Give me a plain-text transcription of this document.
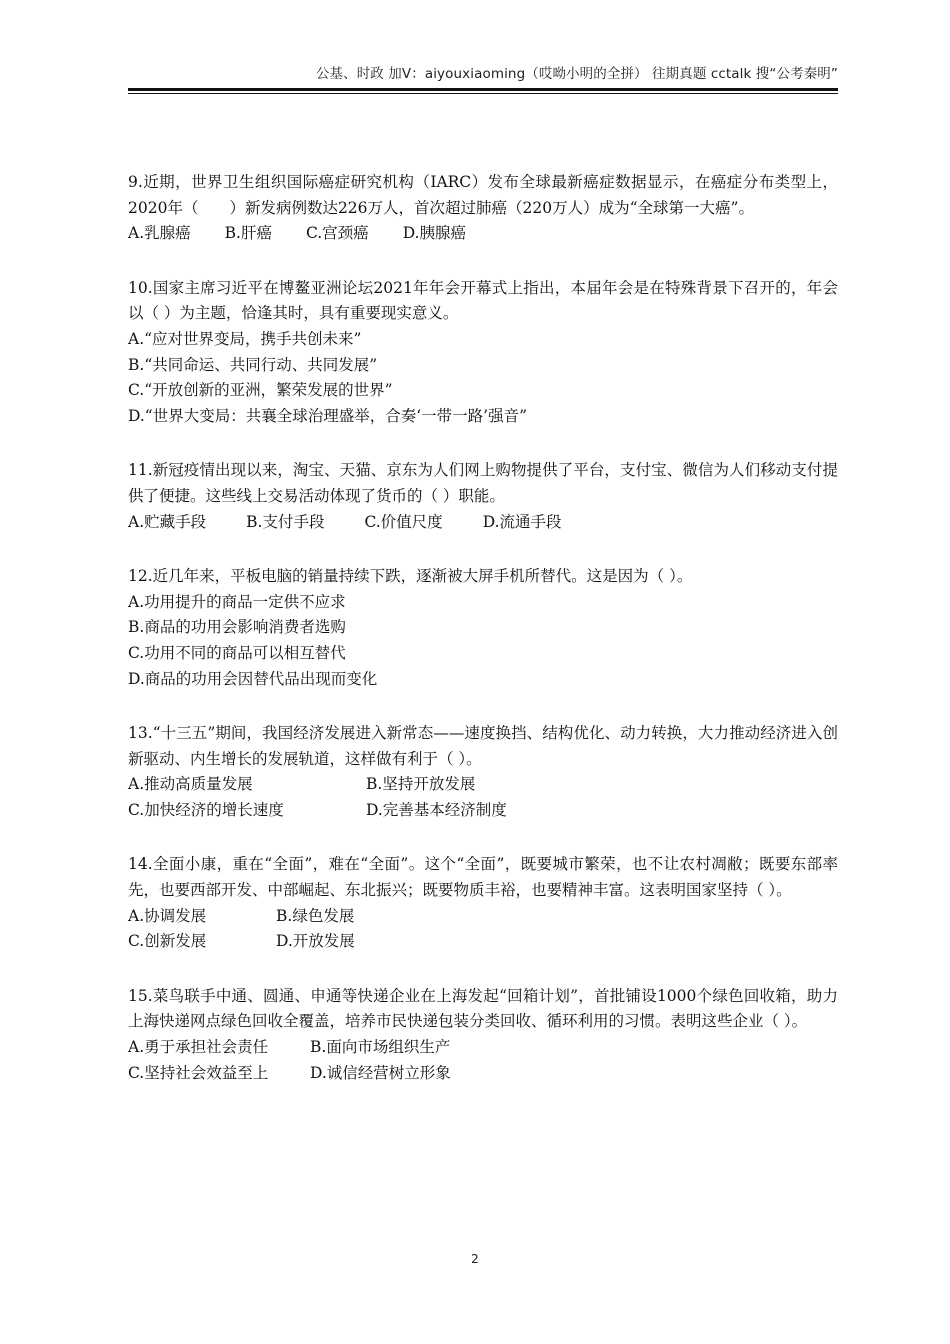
公基、时政 加V：aiyouxiaoming（哎呦小明的全拼） 往期真题 cctalk 搜“公考秦明”

9.近期，世界卫生组织国际癌症研究机构（IARC）发布全球最新癌症数据显示，在癌症分布类型上，2020年（　　）新发病例数达226万人，首次超过肺癌（220万人）成为“全球第一大癌”。

A.乳腺癌 B.肝癌 C.宫颈癌 D.胰腺癌

10.国家主席习近平在博鳌亚洲论坛2021年年会开幕式上指出，本届年会是在特殊背景下召开的，年会以（ ）为主题，恰逢其时，具有重要现实意义。

A.“应对世界变局，携手共创未来”
B.“共同命运、共同行动、共同发展”
C.“开放创新的亚洲，繁荣发展的世界”
D.“世界大变局：共襄全球治理盛举，合奏‘一带一路’强音”

11.新冠疫情出现以来，淘宝、天猫、京东为人们网上购物提供了平台，支付宝、微信为人们移动支付提供了便捷。这些线上交易活动体现了货币的（ ）职能。

A.贮藏手段	B.支付手段	C.价值尺度	D.流通手段

12.近几年来，平板电脑的销量持续下跌，逐渐被大屏手机所替代。这是因为（ ）。

A.功用提升的商品一定供不应求
B.商品的功用会影响消费者选购
C.功用不同的商品可以相互替代
D.商品的功用会因替代品出现而变化

13.“十三五”期间，我国经济发展进入新常态——速度换挡、结构优化、动力转换，大力推动经济进入创新驱动、内生增长的发展轨道，这样做有利于（ ）。

A.推动高质量发展	B.坚持开放发展
C.加快经济的增长速度	D.完善基本经济制度

14.全面小康，重在“全面”，难在“全面”。这个“全面”，既要城市繁荣，也不让农村凋敝；既要东部率先，也要西部开发、中部崛起、东北振兴；既要物质丰裕，也要精神丰富。这表明国家坚持（ ）。

A.协调发展	B.绿色发展
C.创新发展	D.开放发展

15.菜鸟联手中通、圆通、申通等快递企业在上海发起“回箱计划”，首批铺设1000个绿色回收箱，助力上海快递网点绿色回收全覆盖，培养市民快递包装分类回收、循环利用的习惯。表明这些企业（ ）。

A.勇于承担社会责任	B.面向市场组织生产
C.坚持社会效益至上	D.诚信经营树立形象
2
